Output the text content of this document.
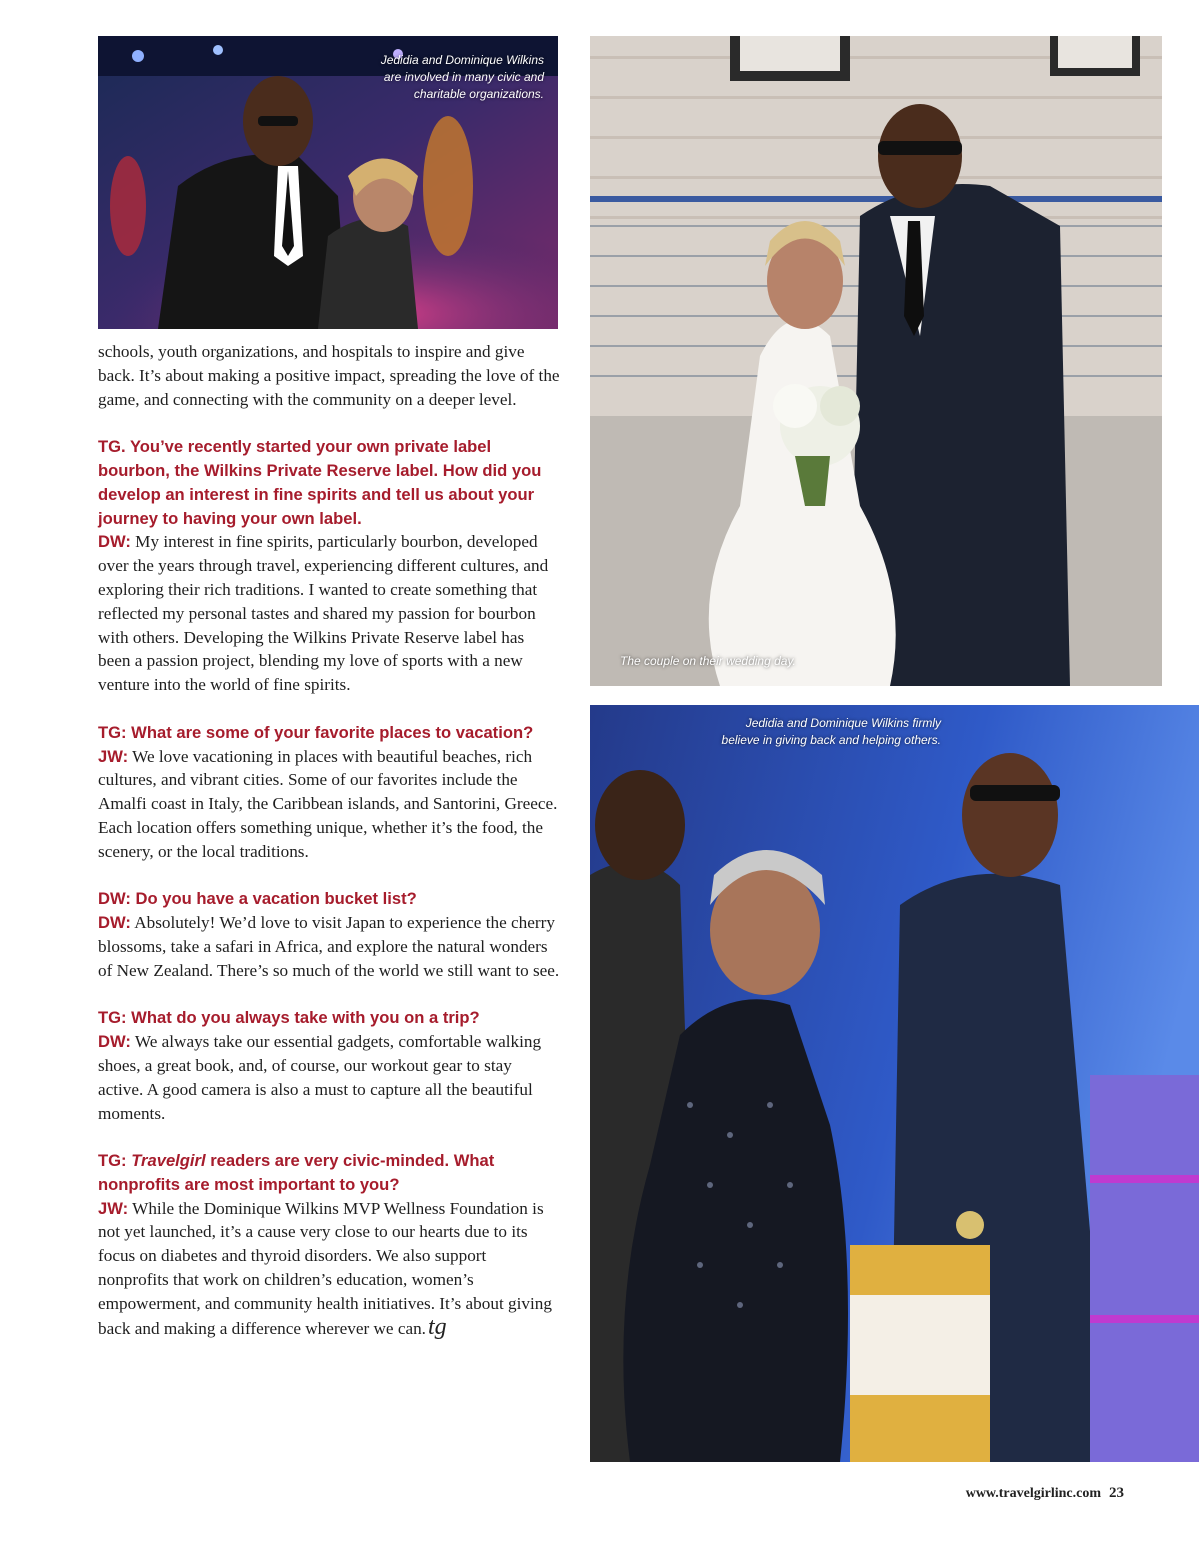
Jedidia and Dominique Wilkins
are involved in many civic and
charitable organizations.
The couple on their wedding day.
Jedidia and Dominique Wilkins firmly
believe in giving back and helping others.

schools, youth organizations, and hospitals to inspire and give back. It’s about making a positive impact, spreading the love of the game, and connecting with the community on a deeper level.

TG. You’ve recently started your own private label bourbon, the Wilkins Private Reserve label. How did you develop an interest in fine spirits and tell us about your journey to having your own label.
DW: My interest in fine spirits, particularly bourbon, developed over the years through travel, experiencing different cultures, and exploring their rich traditions. I wanted to create something that reflected my personal tastes and shared my passion for bourbon with others. Developing the Wilkins Private Reserve label has been a passion project, blending my love of sports with a new venture into the world of fine spirits.

TG: What are some of your favorite places to vacation?
JW: We love vacationing in places with beautiful beaches, rich cultures, and vibrant cities. Some of our favorites include the Amalfi coast in Italy, the Caribbean islands, and Santorini, Greece. Each location offers something unique, whether it’s the food, the scenery, or the local traditions.

DW: Do you have a vacation bucket list?
DW: Absolutely! We’d love to visit Japan to experience the cherry blossoms, take a safari in Africa, and explore the natural wonders of New Zealand. There’s so much of the world we still want to see.

TG: What do you always take with you on a trip?
DW: We always take our essential gadgets, comfortable walking shoes, a great book, and, of course, our workout gear to stay active. A good camera is also a must to capture all the beautiful moments.

TG: Travelgirl readers are very civic-minded. What nonprofits are most important to you?
JW: While the Dominique Wilkins MVP Wellness Foundation is not yet launched, it’s a cause very close to our hearts due to its focus on diabetes and thyroid disorders. We also support nonprofits that work on children’s education, women’s empowerment, and community health initiatives. It’s about giving back and making a difference wherever we can.tg

www.travelgirlinc.com 23
